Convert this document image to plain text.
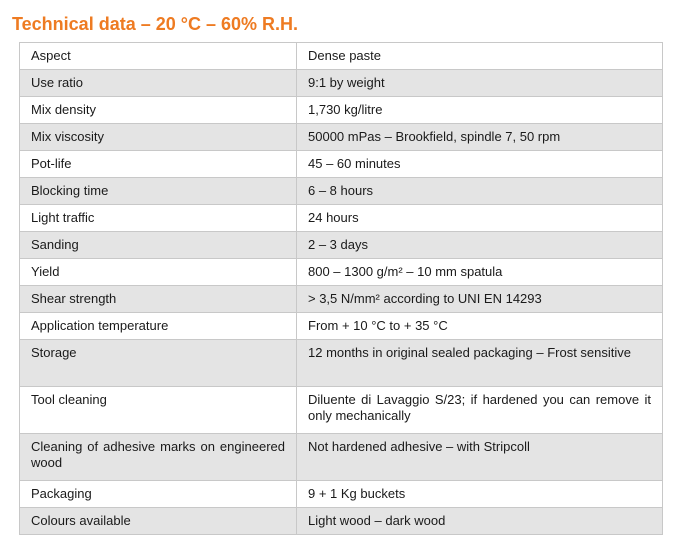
Technical data – 20 °C – 60% R.H.
Aspect	Dense paste
Use ratio	9:1 by weight
Mix density	1,730 kg/litre
Mix viscosity	50000 mPas – Brookfield, spindle 7, 50 rpm
Pot-life	45 – 60 minutes
Blocking time	6 – 8 hours
Light traffic	24 hours
Sanding	2 – 3 days
Yield	800 – 1300 g/m² – 10 mm spatula
Shear strength	> 3,5 N/mm² according to UNI EN 14293
Application temperature	From + 10 °C to + 35 °C
Storage	12 months in original sealed packaging – Frost sensitive
Tool cleaning	Diluente di Lavaggio S/23; if hardened you can remove it only mechanically
Cleaning of adhesive marks on engineered wood	Not hardened adhesive – with Stripcoll
Packaging	9 + 1 Kg buckets
Colours available	Light wood – dark wood
